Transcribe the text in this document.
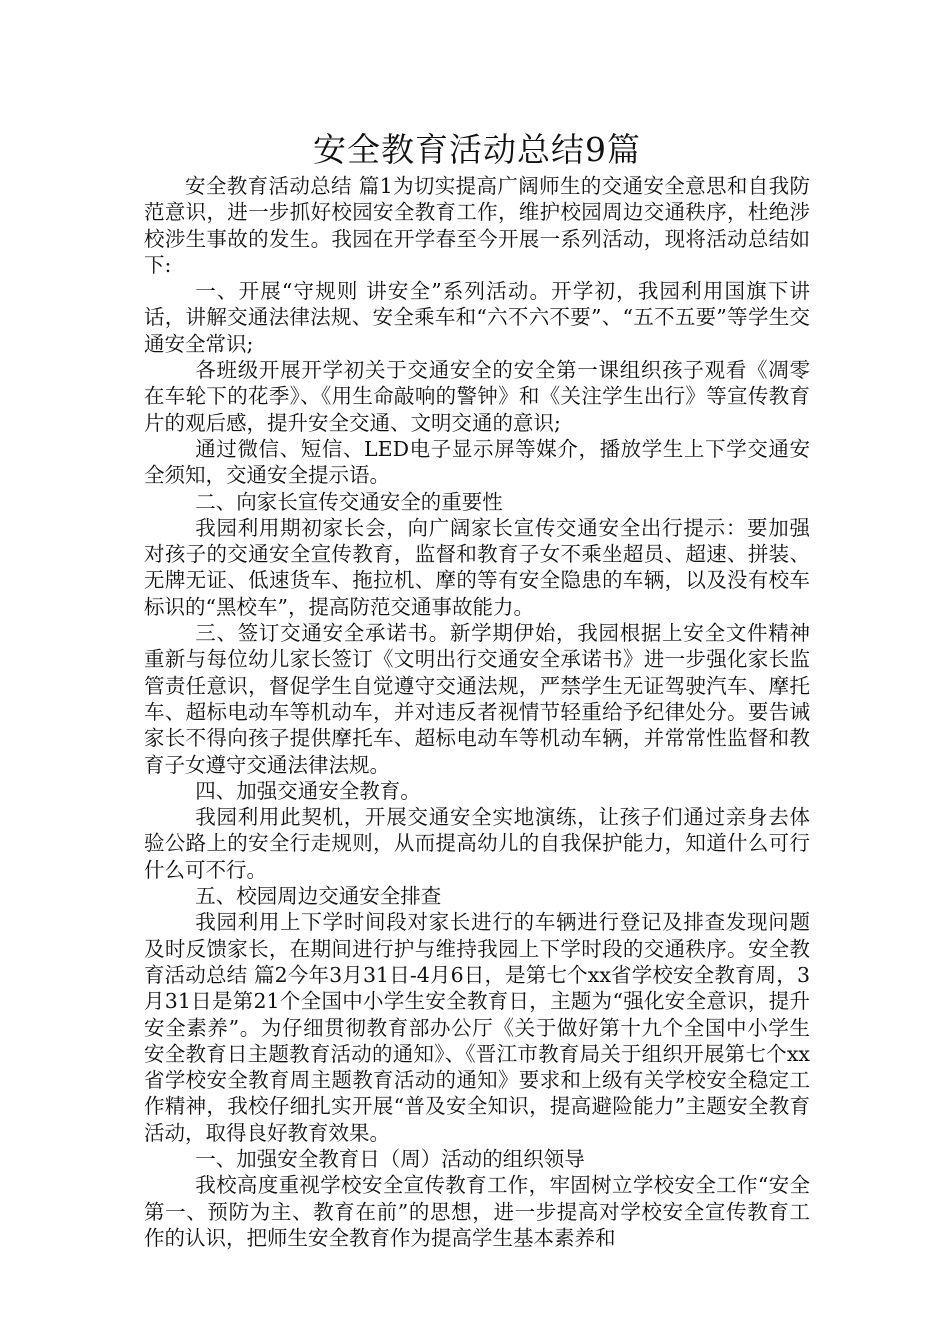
安全教育活动总结9篇

安全教育活动总结 篇1为切实提高广阔师生的交通安全意思和自我防范意识，进一步抓好校园安全教育工作，维护校园周边交通秩序，杜绝涉校涉生事故的发生。我园在开学春至今开展一系列活动，现将活动总结如下:

一、开展“守规则 讲安全”系列活动。开学初，我园利用国旗下讲话，讲解交通法律法规、安全乘车和“六不六不要”、“五不五要”等学生交通安全常识;

各班级开展开学初关于交通安全的安全第一课组织孩子观看《凋零在车轮下的花季》、《用生命敲响的警钟》和《关注学生出行》等宣传教育片的观后感，提升安全交通、文明交通的意识;

通过微信、短信、LED电子显示屏等媒介，播放学生上下学交通安全须知，交通安全提示语。

二、向家长宣传交通安全的重要性

我园利用期初家长会，向广阔家长宣传交通安全出行提示：要加强对孩子的交通安全宣传教育，监督和教育子女不乘坐超员、超速、拼装、无牌无证、低速货车、拖拉机、摩的等有安全隐患的车辆，以及没有校车标识的“黑校车”，提高防范交通事故能力。

三、签订交通安全承诺书。新学期伊始，我园根据上安全文件精神重新与每位幼儿家长签订《文明出行交通安全承诺书》进一步强化家长监管责任意识，督促学生自觉遵守交通法规，严禁学生无证驾驶汽车、摩托车、超标电动车等机动车，并对违反者视情节轻重给予纪律处分。要告诫家长不得向孩子提供摩托车、超标电动车等机动车辆，并常常性监督和教育子女遵守交通法律法规。

四、加强交通安全教育。

我园利用此契机，开展交通安全实地演练，让孩子们通过亲身去体验公路上的安全行走规则，从而提高幼儿的自我保护能力，知道什么可行什么可不行。

五、校园周边交通安全排查

我园利用上下学时间段对家长进行的车辆进行登记及排查发现问题及时反馈家长，在期间进行护与维持我园上下学时段的交通秩序。安全教育活动总结 篇2今年3月31日-4月6日，是第七个xx省学校安全教育周，3月31日是第21个全国中小学生安全教育日，主题为“强化安全意识，提升安全素养”。为仔细贯彻教育部办公厅《关于做好第十九个全国中小学生安全教育日主题教育活动的通知》、《晋江市教育局关于组织开展第七个xx省学校安全教育周主题教育活动的通知》要求和上级有关学校安全稳定工作精神，我校仔细扎实开展“普及安全知识，提高避险能力”主题安全教育活动，取得良好教育效果。

一、加强安全教育日（周）活动的组织领导

我校高度重视学校安全宣传教育工作，牢固树立学校安全工作“安全第一、预防为主、教育在前”的思想，进一步提高对学校安全宣传教育工作的认识，把师生安全教育作为提高学生基本素养和
